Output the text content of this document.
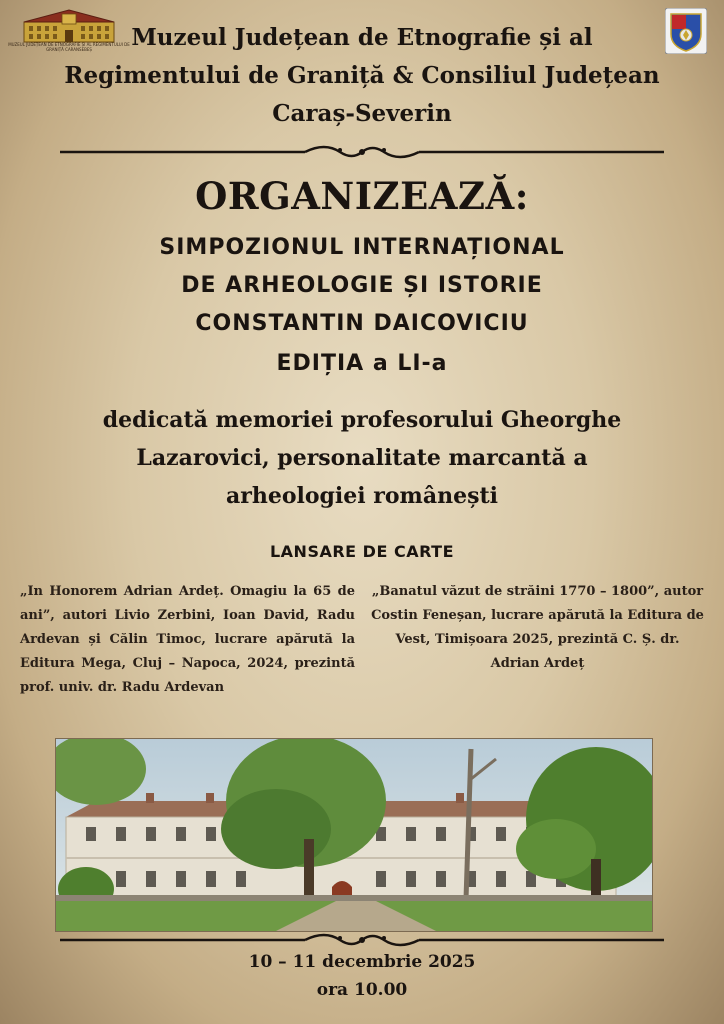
MUZEUL JUDEȚEAN DE ETNOGRAFIE ȘI AL REGIMENTULUI DE GRANIȚĂ CARANSEBEȘ	Muzeul Județean de Etnografie și al
Regimentului de Graniță & Consiliul Județean
Caraș-Severin
ORGANIZEAZĂ:
SIMPOZIONUL INTERNAȚIONAL
DE ARHEOLOGIE ȘI ISTORIE
CONSTANTIN DAICOVICIU
EDIȚIA a LI-a
dedicată memoriei profesorului Gheorghe
Lazarovici, personalitate marcantă a
arheologiei românești
LANSARE DE CARTE
„In Honorem Adrian Ardeț. Omagiu la 65 de ani”, autori Livio Zerbini, Ioan David, Radu Ardevan și Călin Timoc, lucrare apărută la Editura Mega, Cluj – Napoca, 2024, prezintă prof. univ. dr. Radu Ardevan
„Banatul văzut de străini 1770 – 1800”, autor Costin Feneșan, lucrare apărută la Editura de Vest, Timișoara 2025, prezintă C. Ș. dr. Adrian Ardeț
10 – 11 decembrie 2025
ora 10.00
